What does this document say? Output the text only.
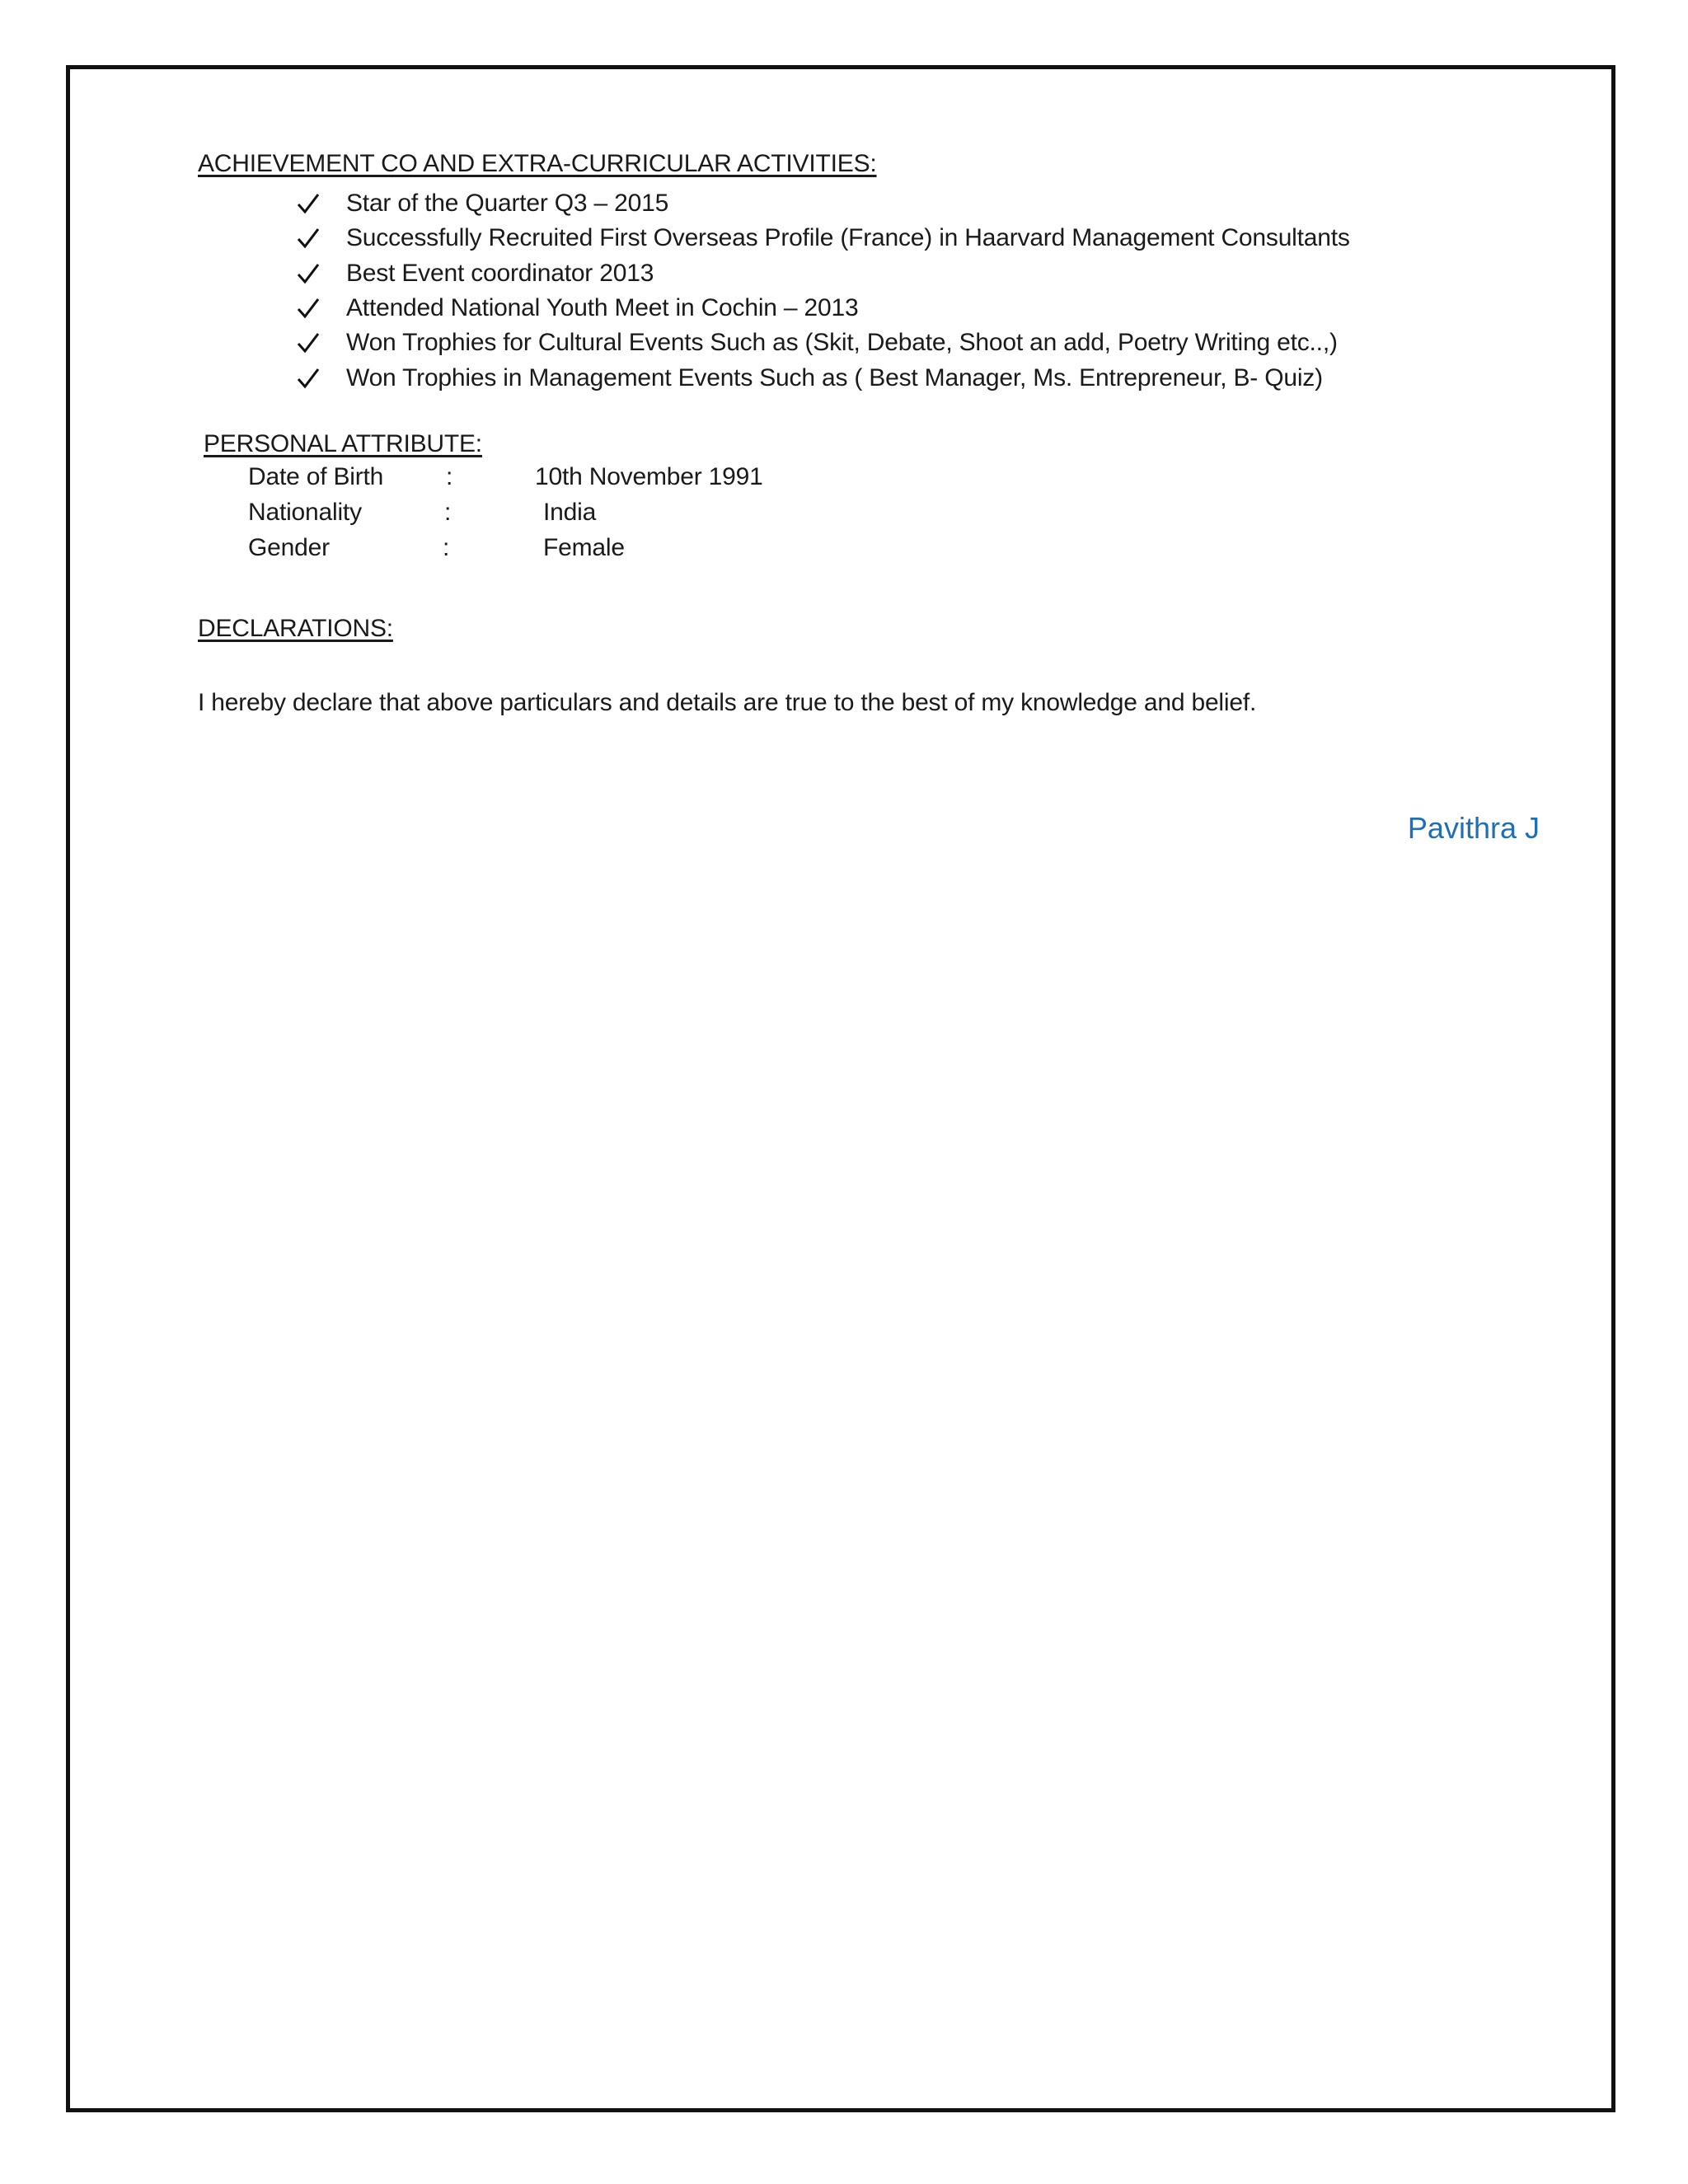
ACHIEVEMENT CO AND EXTRA-CURRICULAR ACTIVITIES:
Star of the Quarter Q3 – 2015
Successfully Recruited First Overseas Profile (France) in Haarvard Management Consultants
Best Event coordinator 2013
Attended National Youth Meet in Cochin – 2013
Won Trophies for Cultural Events Such as (Skit, Debate, Shoot an add, Poetry Writing etc..,)
Won Trophies in Management Events Such as ( Best Manager, Ms. Entrepreneur, B- Quiz)
PERSONAL ATTRIBUTE:
Date of Birth	:	10th November 1991
Nationality	:	India
Gender	:	Female
DECLARATIONS:
I hereby declare that above particulars and details are true to the best of my knowledge and belief.
Pavithra J
